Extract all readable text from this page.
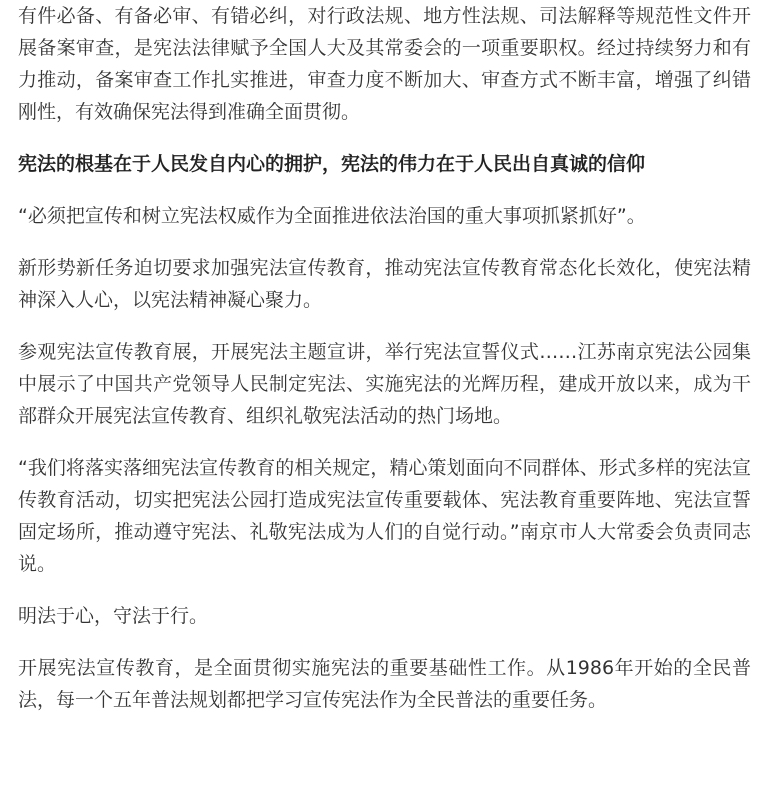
有件必备、有备必审、有错必纠，对行政法规、地方性法规、司法解释等规范性文件开展备案审查，是宪法法律赋予全国人大及其常委会的一项重要职权。经过持续努力和有力推动，备案审查工作扎实推进，审查力度不断加大、审查方式不断丰富，增强了纠错刚性，有效确保宪法得到准确全面贯彻。

宪法的根基在于人民发自内心的拥护，宪法的伟力在于人民出自真诚的信仰

“必须把宣传和树立宪法权威作为全面推进依法治国的重大事项抓紧抓好”。

新形势新任务迫切要求加强宪法宣传教育，推动宪法宣传教育常态化长效化，使宪法精神深入人心，以宪法精神凝心聚力。

参观宪法宣传教育展，开展宪法主题宣讲，举行宪法宣誓仪式……江苏南京宪法公园集中展示了中国共产党领导人民制定宪法、实施宪法的光辉历程，建成开放以来，成为干部群众开展宪法宣传教育、组织礼敬宪法活动的热门场地。

“我们将落实落细宪法宣传教育的相关规定，精心策划面向不同群体、形式多样的宪法宣传教育活动，切实把宪法公园打造成宪法宣传重要载体、宪法教育重要阵地、宪法宣誓固定场所，推动遵守宪法、礼敬宪法成为人们的自觉行动。”南京市人大常委会负责同志说。

明法于心，守法于行。

开展宪法宣传教育，是全面贯彻实施宪法的重要基础性工作。从1986年开始的全民普法，每一个五年普法规划都把学习宣传宪法作为全民普法的重要任务。
